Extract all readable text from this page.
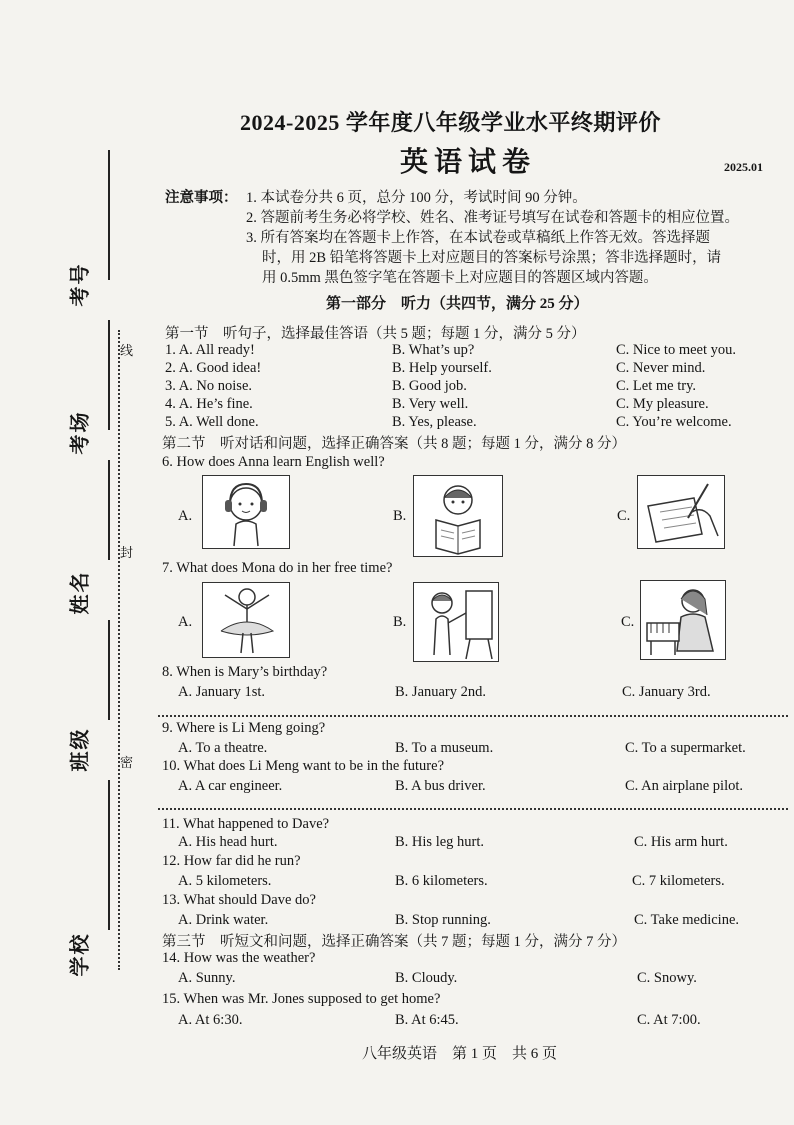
考号
考场
姓名
班级
学校
线
封
密
2024-2025 学年度八年级学业水平终期评价
英语试卷	2025.01
注意事项： 1. 本试卷分共 6 页，总分 100 分，考试时间 90 分钟。
2. 答题前考生务必将学校、姓名、准考证号填写在试卷和答题卡的相应位置。
3. 所有答案均在答题卡上作答，在本试卷或草稿纸上作答无效。答选择题
时，用 2B 铅笔将答题卡上对应题目的答案标号涂黑；答非选择题时，请
用 0.5mm 黑色签字笔在答题卡上对应题目的答题区域内答题。
第一部分　听力（共四节，满分 25 分）
第一节　听句子，选择最佳答语（共 5 题；每题 1 分，满分 5 分）
1. A. All ready!	B. What’s up?	C. Nice to meet you.
2. A. Good idea!	B. Help yourself.	C. Never mind.
3. A. No noise.	B. Good job.	C. Let me try.
4. A. He’s fine.	B. Very well.	C. My pleasure.
5. A. Well done.	B. Yes, please.	C. You’re welcome.
第二节　听对话和问题，选择正确答案（共 8 题；每题 1 分，满分 8 分）
6. How does Anna learn English well?
A.	B.	C.
7. What does Mona do in her free time?
A.	B.	C.
8. When is Mary’s birthday?
A. January 1st.	B. January 2nd.	C. January 3rd.
9. Where is Li Meng going?
A. To a theatre.	B. To a museum.	C. To a supermarket.
10. What does Li Meng want to be in the future?
A. A car engineer.	B. A bus driver.	C. An airplane pilot.
11. What happened to Dave?
A. His head hurt.	B. His leg hurt.	C. His arm hurt.
12. How far did he run?
A. 5 kilometers.	B. 6 kilometers.	C. 7 kilometers.
13. What should Dave do?
A. Drink water.	B. Stop running.	C. Take medicine.
第三节　听短文和问题，选择正确答案（共 7 题；每题 1 分，满分 7 分）
14. How was the weather?
A. Sunny.	B. Cloudy.	C. Snowy.
15. When was Mr. Jones supposed to get home?
A. At 6:30.	B. At 6:45.	C. At 7:00.
八年级英语　第 1 页　共 6 页
